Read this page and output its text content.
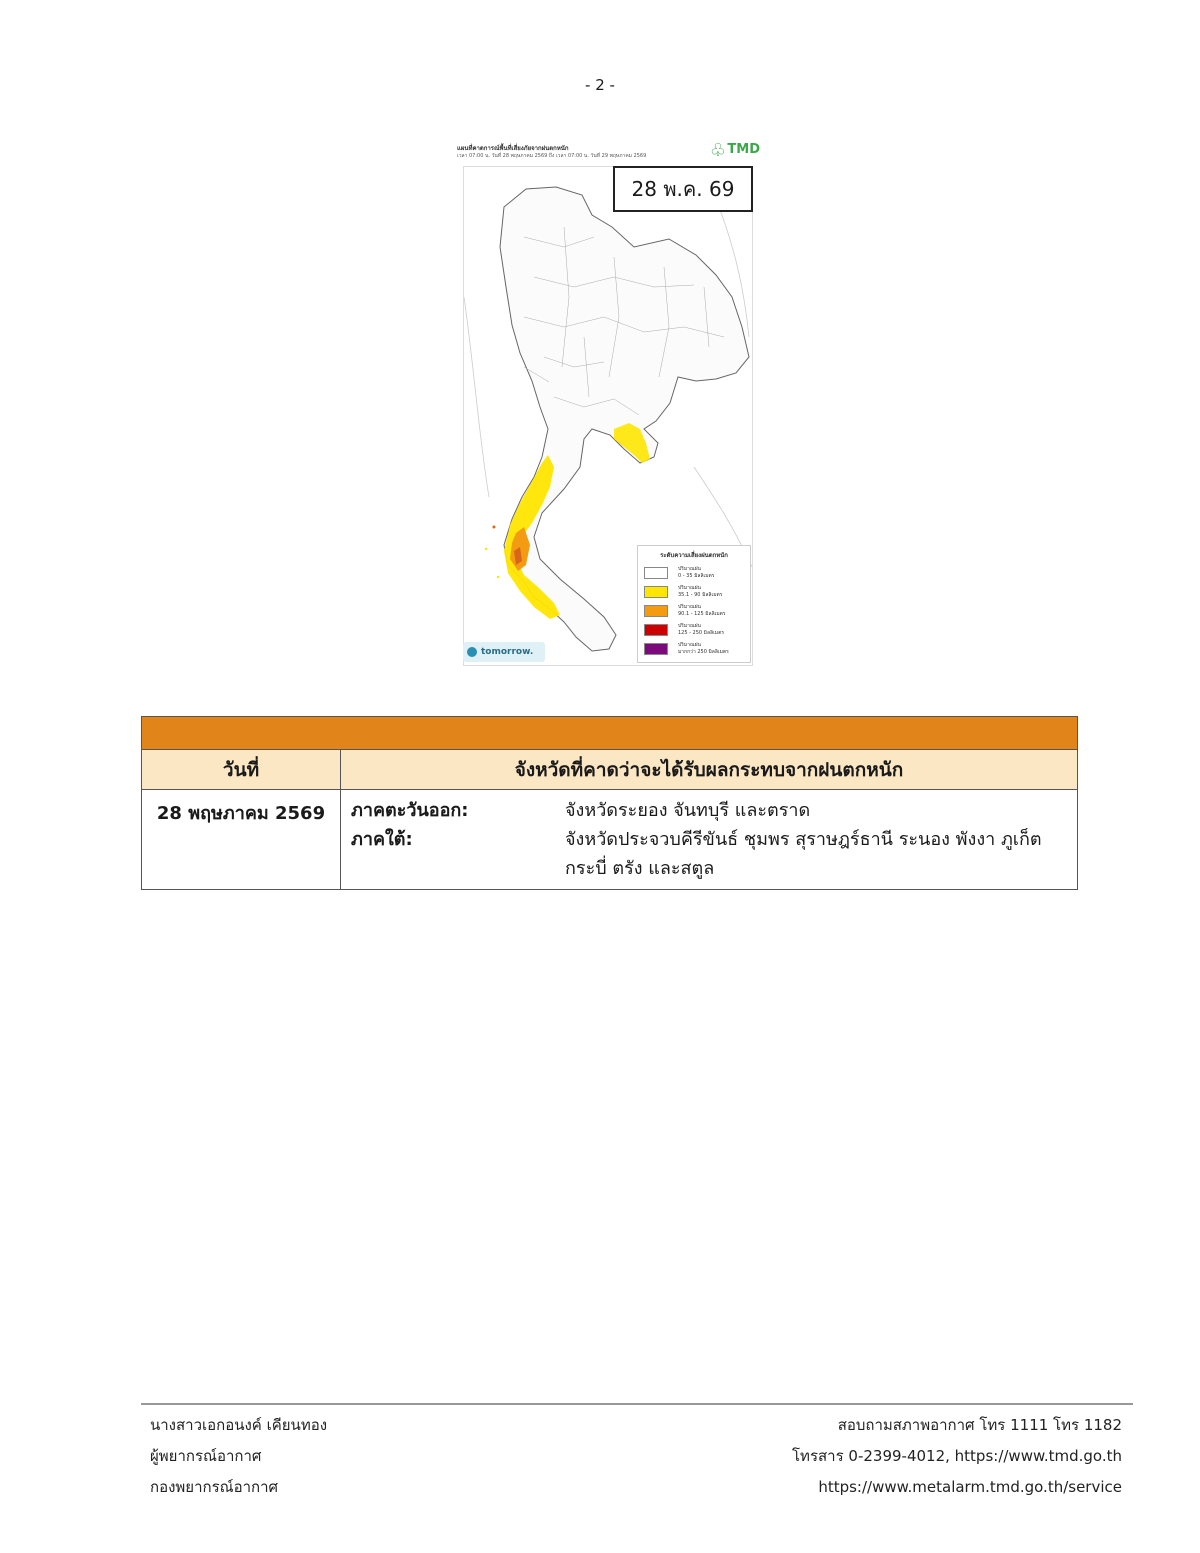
- 2 -
แผนที่คาดการณ์พื้นที่เสี่ยงภัยจากฝนตกหนัก
เวลา 07:00 น. วันที่ 28 พฤษภาคม 2569 ถึง เวลา 07:00 น. วันที่ 29 พฤษภาคม 2569	♧ TMD
28 พ.ค. 69
ระดับความเสี่ยงฝนตกหนัก
ปริมาณฝน
0 - 35 มิลลิเมตร
ปริมาณฝน
35.1 - 90 มิลลิเมตร
ปริมาณฝน
90.1 - 125 มิลลิเมตร
ปริมาณฝน
125 - 250 มิลลิเมตร
ปริมาณฝน
มากกว่า 250 มิลลิเมตร
tomorrow.

วันที่	จังหวัดที่คาดว่าจะได้รับผลกระทบจากฝนตกหนัก
28 พฤษภาคม 2569	ภาคตะวันออก: จังหวัดระยอง จันทบุรี และตราด
ภาคใต้: จังหวัดประจวบคีรีขันธ์ ชุมพร สุราษฎร์ธานี ระนอง พังงา ภูเก็ต กระบี่ ตรัง และสตูล
นางสาวเอกอนงค์ เคียนทอง
ผู้พยากรณ์อากาศ
กองพยากรณ์อากาศ
สอบถามสภาพอากาศ โทร 1111 โทร 1182
โทรสาร 0-2399-4012, https://www.tmd.go.th
https://www.metalarm.tmd.go.th/service
